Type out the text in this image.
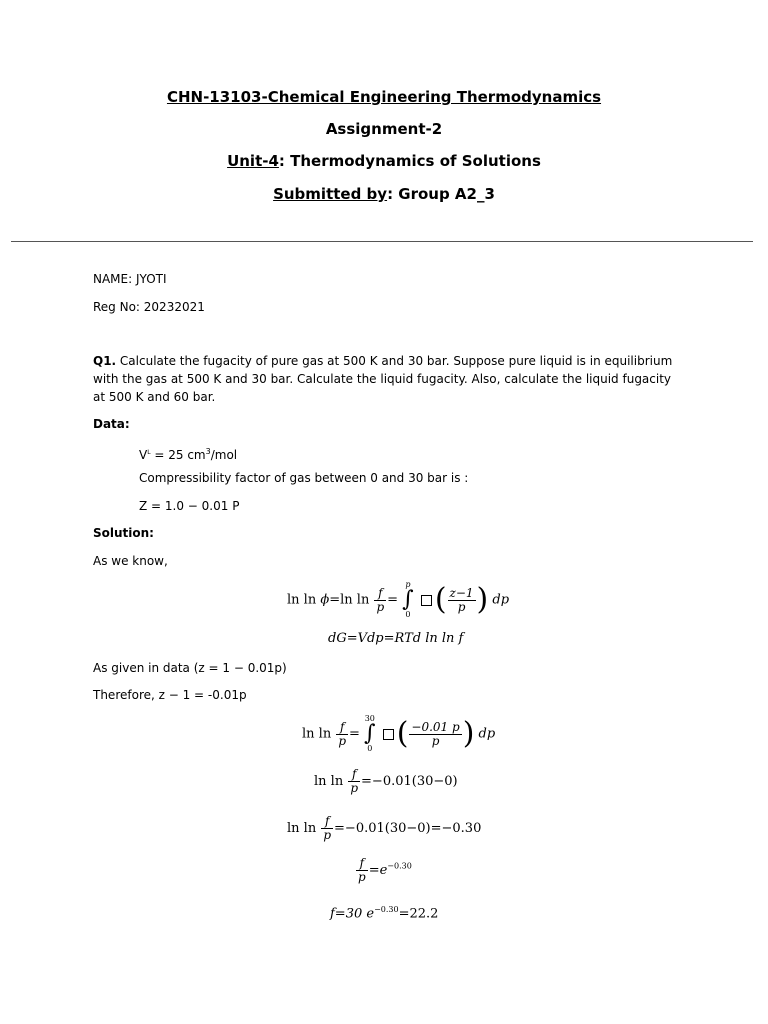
CHN-13103-Chemical Engineering Thermodynamics
Assignment-2
Unit-4: Thermodynamics of Solutions
Submitted by: Group A2_3
NAME: JYOTI
Reg No: 20232021
Q1. Calculate the fugacity of pure gas at 500 K and 30 bar. Suppose pure liquid is in equilibrium with the gas at 500 K and 30 bar. Calculate the liquid fugacity. Also, calculate the liquid fugacity at 500 K and 60 bar.
Data:
$V^L = 25$ $cm^3$/mol
Compressibility factor of gas between 0 and 30 bar is :
Z = 1.0 − 0.01 P
Solution:
As we know,
ln ln ϕ=ln $\ln \frac{f}{p}$ =
p
∫
0 ( $\frac{z-1}{p}$ ) dp
dG=Vdp=RTd ln ln f
As given in data (z = 1 − 0.01p)
Therefore, z − 1 = -0.01p
$\ln \ln \frac{f}{p}$ =
30
∫
0 ( $\frac{-0.01 p}{p}$ ) dp
$\ln \ln \frac{f}{p} =-0.01(30-0)$
$\ln \ln \frac{f}{p} =-0.01(30-0)=-0.30$
$\frac{f}{p} =e^{-0.30}$
f=30 $e^{-0.30}=22.2$
